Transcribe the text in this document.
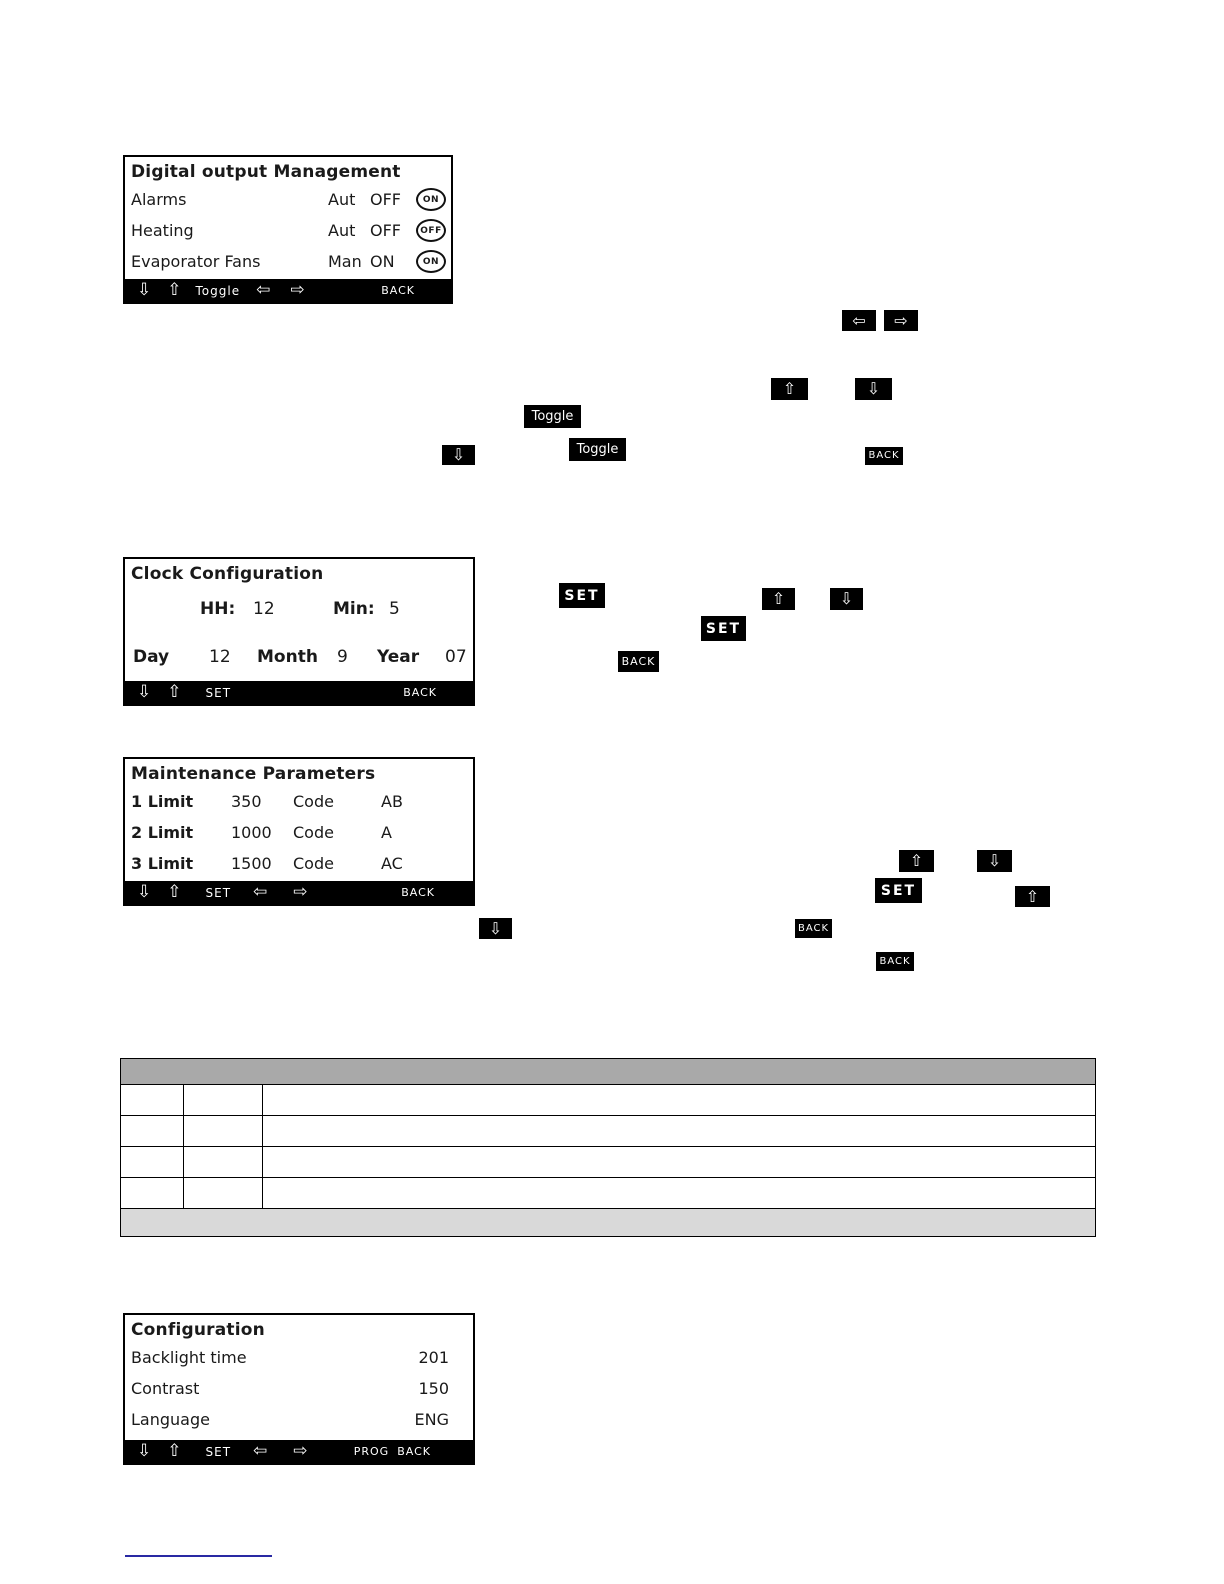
Digital output Management
Alarms	Aut OFF	ON
Heating	Aut OFF	OFF
Evaporator Fans	Man ON	ON
⇩ ⇧ Toggle ⇦ ⇨	BACK
Clock Configuration
HH: 12	Min: 5
Day 12 Month 9 Year 07
⇩ ⇧ SET	BACK
Maintenance Parameters
1 Limit	350	Code	AB
2 Limit	1000	Code	A
3 Limit	1500	Code	AC
⇩ ⇧ SET ⇦ ⇨	BACK
Configuration
Backlight time	201
Contrast	150
Language	ENG
⇩ ⇧ SET ⇦ ⇨	PROG BACK
⇦	⇨
⇧	⇩
Toggle
Toggle
⇩	BACK
SET	⇧	⇩
SET
BACK
⇧	⇩
SET	⇧
⇩	BACK
BACK
